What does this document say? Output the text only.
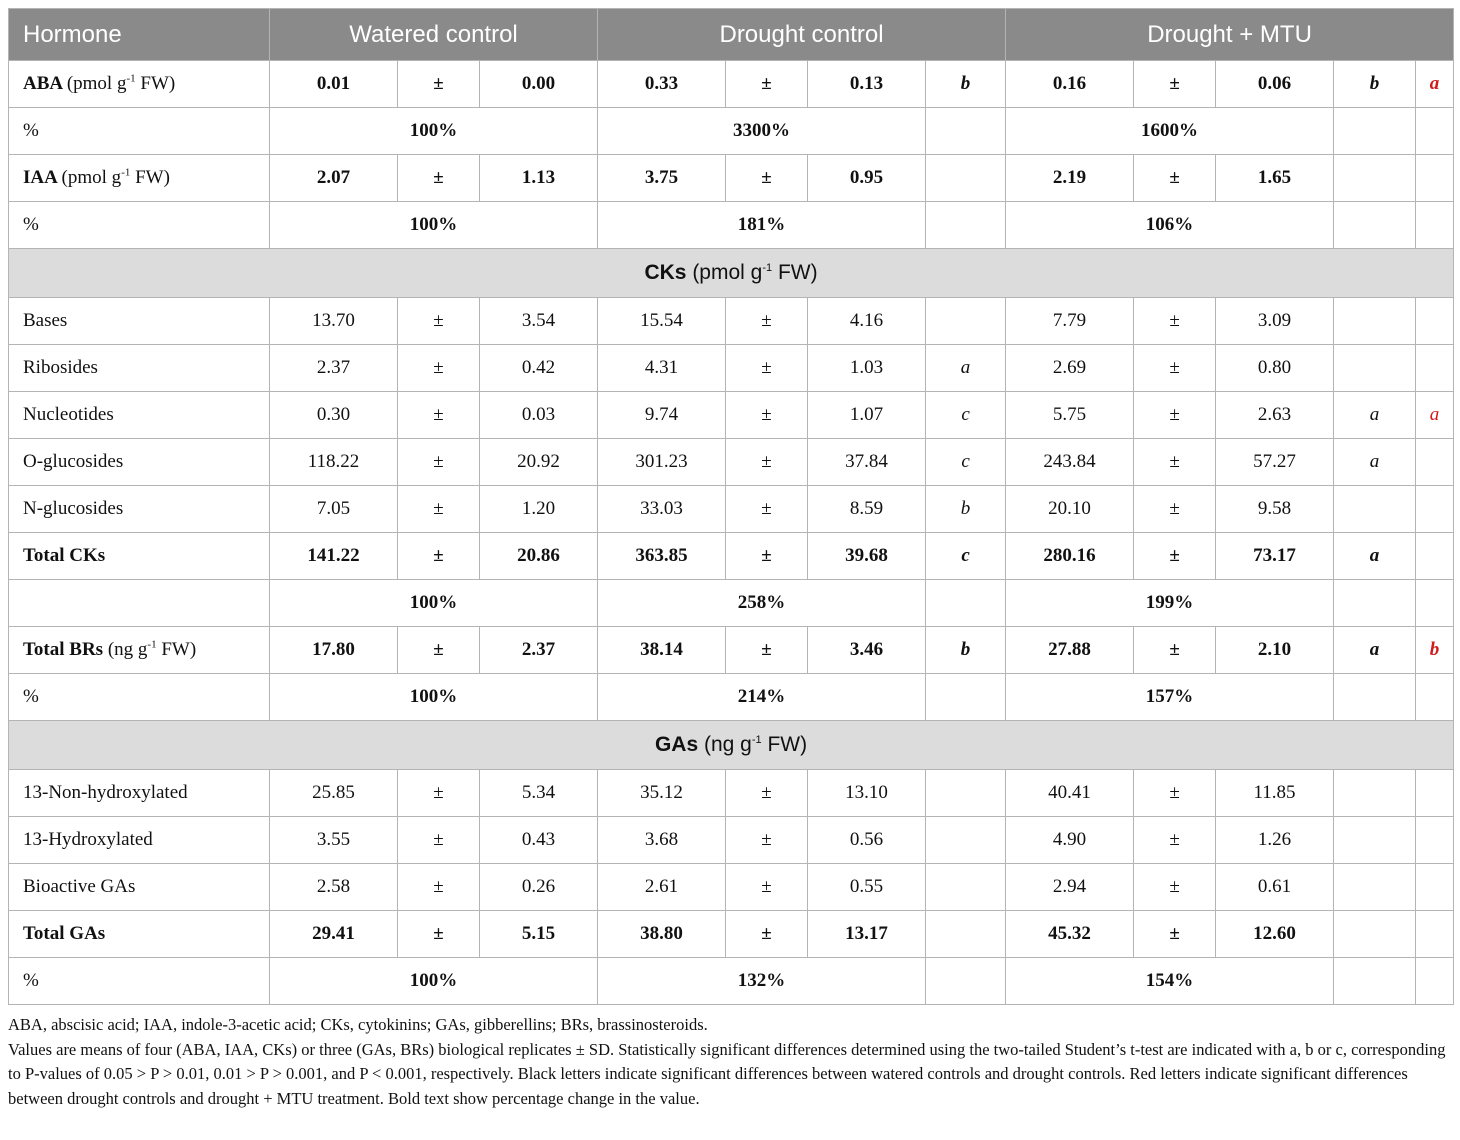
Hormone	Watered control			Drought control				Drought + MTU				
ABA (pmol $g^{-1}$ FW)	0.01	±	0.00	0.33	±	0.13	b	0.16	±	0.06	b	a
%	100%			3300%				1600%				
IAA (pmol $g^{-1}$ FW)	2.07	±	1.13	3.75	±	0.95		2.19	±	1.65		
%	100%			181%				106%				
CKs (pmol $g^{-1}$ FW)												
Bases	13.70	±	3.54	15.54	±	4.16		7.79	±	3.09		
Ribosides	2.37	±	0.42	4.31	±	1.03	a	2.69	±	0.80		
Nucleotides	0.30	±	0.03	9.74	±	1.07	c	5.75	±	2.63	a	a
O-glucosides	118.22	±	20.92	301.23	±	37.84	c	243.84	±	57.27	a	
N-glucosides	7.05	±	1.20	33.03	±	8.59	b	20.10	±	9.58		
Total CKs	141.22	±	20.86	363.85	±	39.68	c	280.16	±	73.17	a	
	100%			258%				199%				
Total BRs (ng $g^{-1}$ FW)	17.80	±	2.37	38.14	±	3.46	b	27.88	±	2.10	a	b
%	100%			214%				157%				
GAs (ng $g^{-1}$ FW)												
13-Non-hydroxylated	25.85	±	5.34	35.12	±	13.10		40.41	±	11.85		
13-Hydroxylated	3.55	±	0.43	3.68	±	0.56		4.90	±	1.26		
Bioactive GAs	2.58	±	0.26	2.61	±	0.55		2.94	±	0.61		
Total GAs	29.41	±	5.15	38.80	±	13.17		45.32	±	12.60		
%	100%			132%				154%				

ABA, abscisic acid; IAA, indole-3-acetic acid; CKs, cytokinins; GAs, gibberellins; BRs, brassinosteroids.

Values are means of four (ABA, IAA, CKs) or three (GAs, BRs) biological replicates ± SD. Statistically significant differences determined using the two-tailed Student’s t-test are indicated with a, b or c, corresponding to P-values of 0.05 > P > 0.01, 0.01 > P > 0.001, and P < 0.001, respectively. Black letters indicate significant differences between watered controls and drought controls. Red letters indicate significant differences between drought controls and drought + MTU treatment. Bold text show percentage change in the value.
